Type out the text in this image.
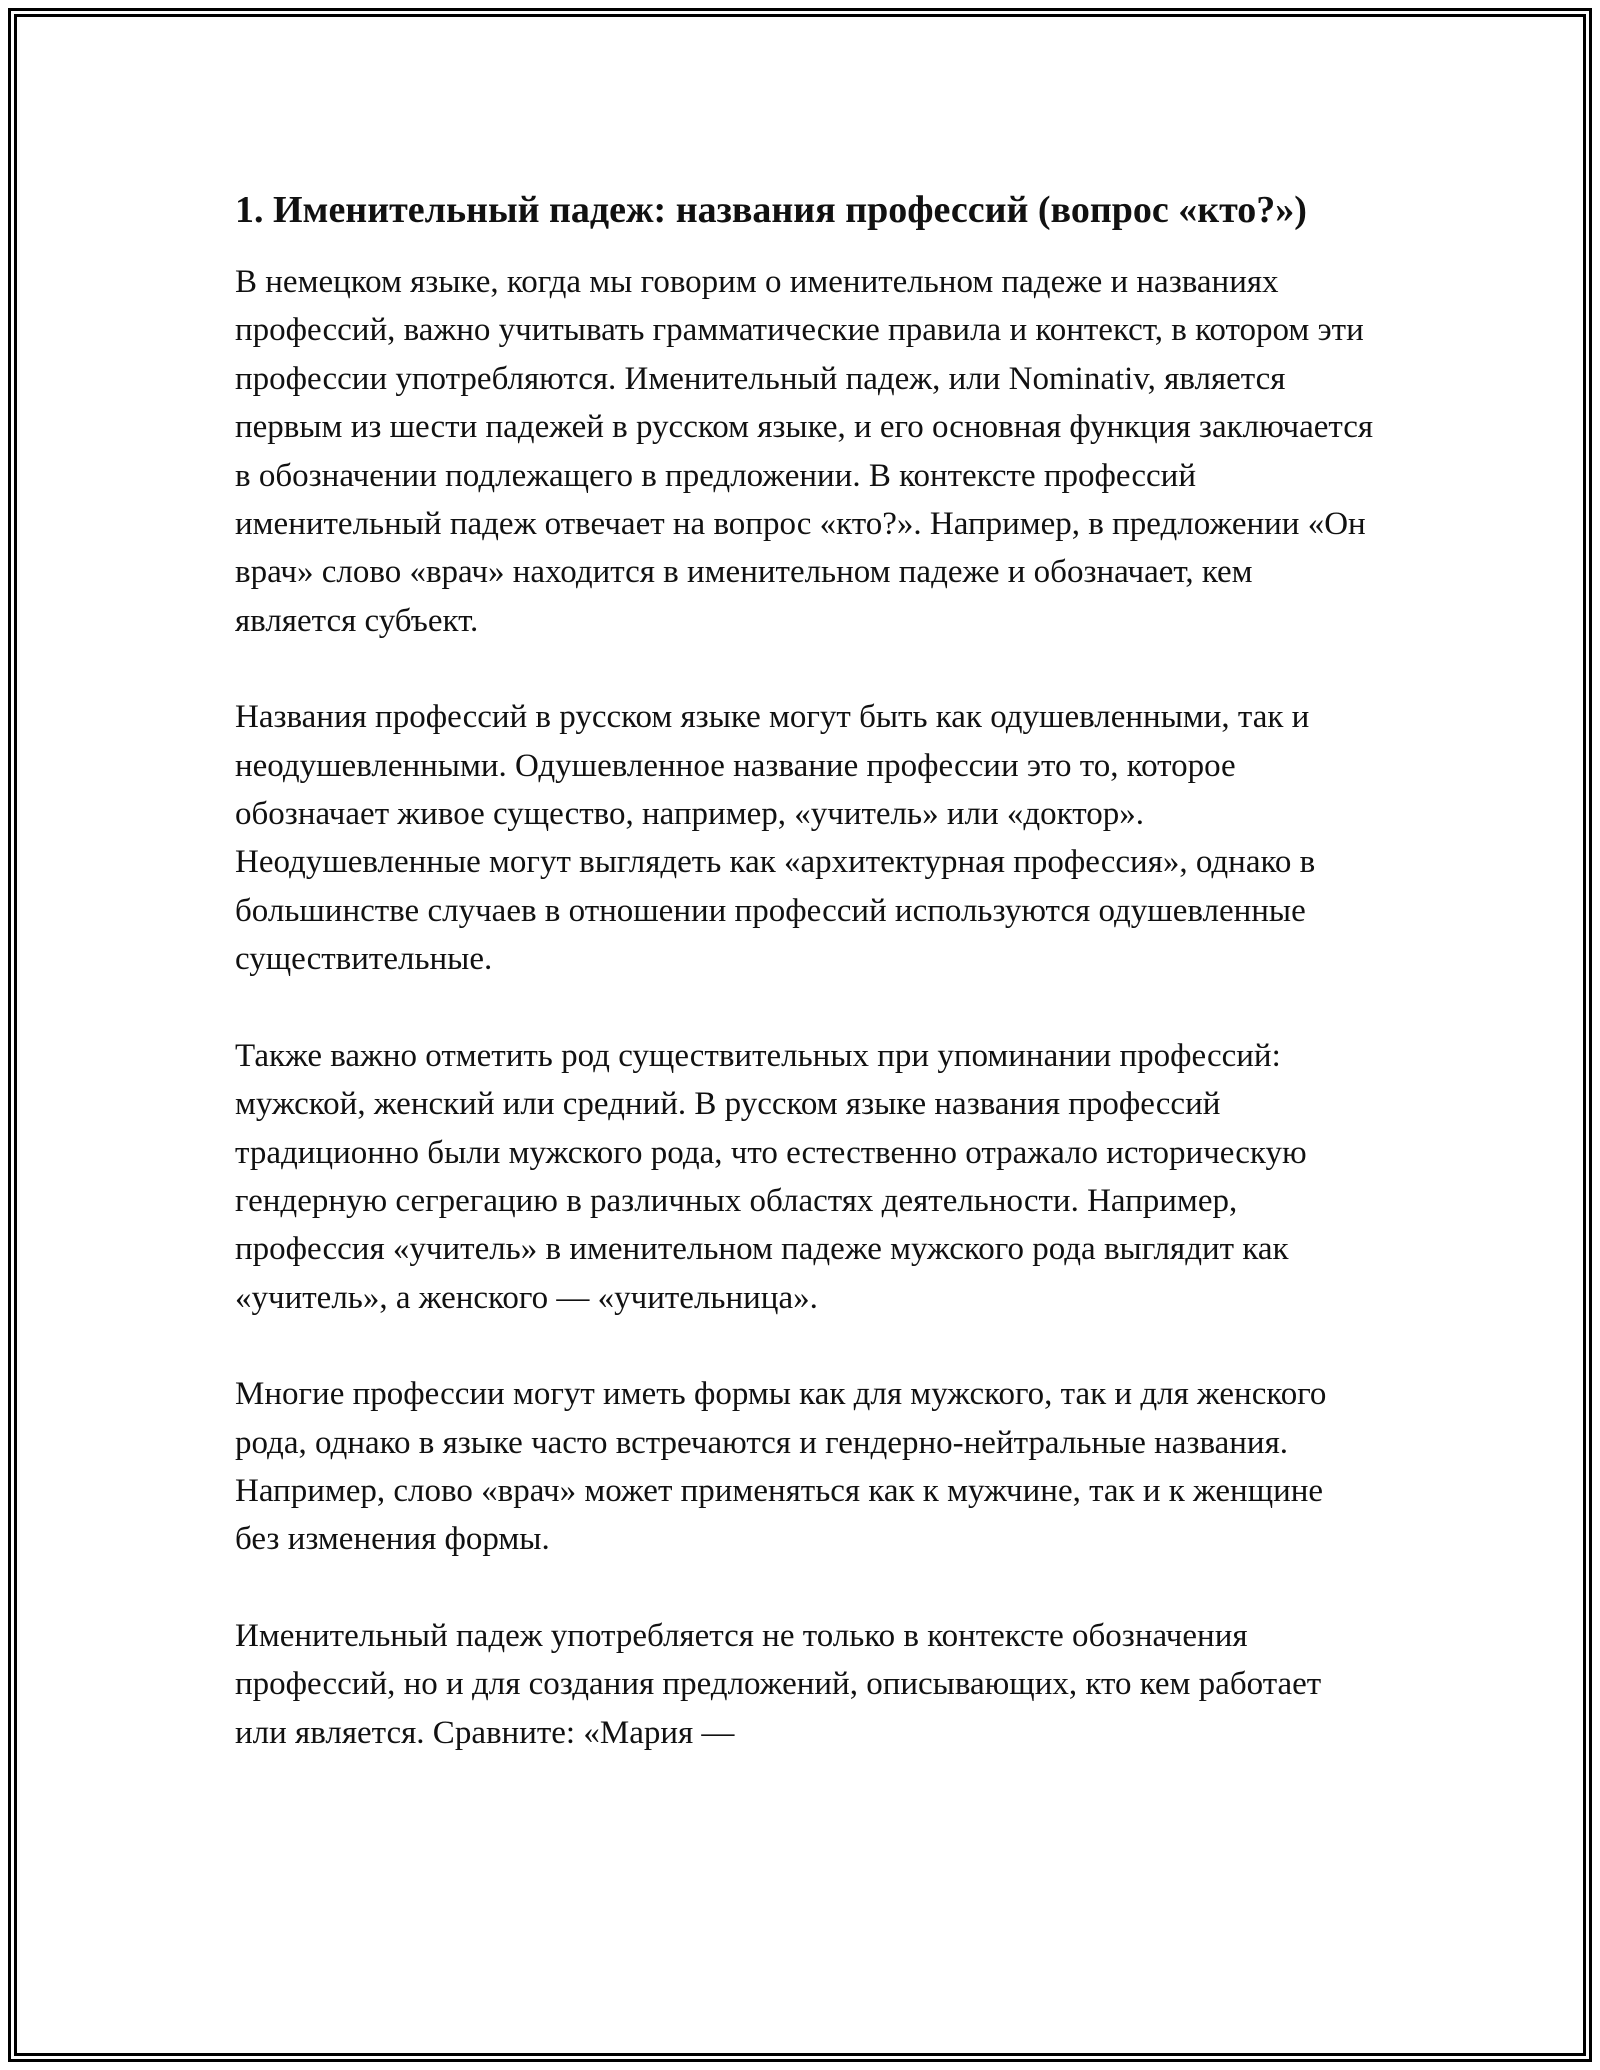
1. Именительный падеж: названия профессий (вопрос «кто?»)

В немецком языке, когда мы говорим о именительном падеже и названиях профессий, важно учитывать грамматические правила и контекст, в котором эти профессии употребляются. Именительный падеж, или Nominativ, является первым из шести падежей в русском языке, и его основная функция заключается в обозначении подлежащего в предложении. В контексте профессий именительный падеж отвечает на вопрос «кто?». Например, в предложении «Он врач» слово «врач» находится в именительном падеже и обозначает, кем является субъект.

Названия профессий в русском языке могут быть как одушевленными, так и неодушевленными. Одушевленное название профессии это то, которое обозначает живое существо, например, «учитель» или «доктор». Неодушевленные могут выглядеть как «архитектурная профессия», однако в большинстве случаев в отношении профессий используются одушевленные существительные.

Также важно отметить род существительных при упоминании профессий: мужской, женский или средний. В русском языке названия профессий традиционно были мужского рода, что естественно отражало историческую гендерную сегрегацию в различных областях деятельности. Например, профессия «учитель» в именительном падеже мужского рода выглядит как «учитель», а женского — «учительница».

Многие профессии могут иметь формы как для мужского, так и для женского рода, однако в языке часто встречаются и гендерно-нейтральные названия. Например, слово «врач» может применяться как к мужчине, так и к женщине без изменения формы.

Именительный падеж употребляется не только в контексте обозначения профессий, но и для создания предложений, описывающих, кто кем работает или является. Сравните: «Мария —
